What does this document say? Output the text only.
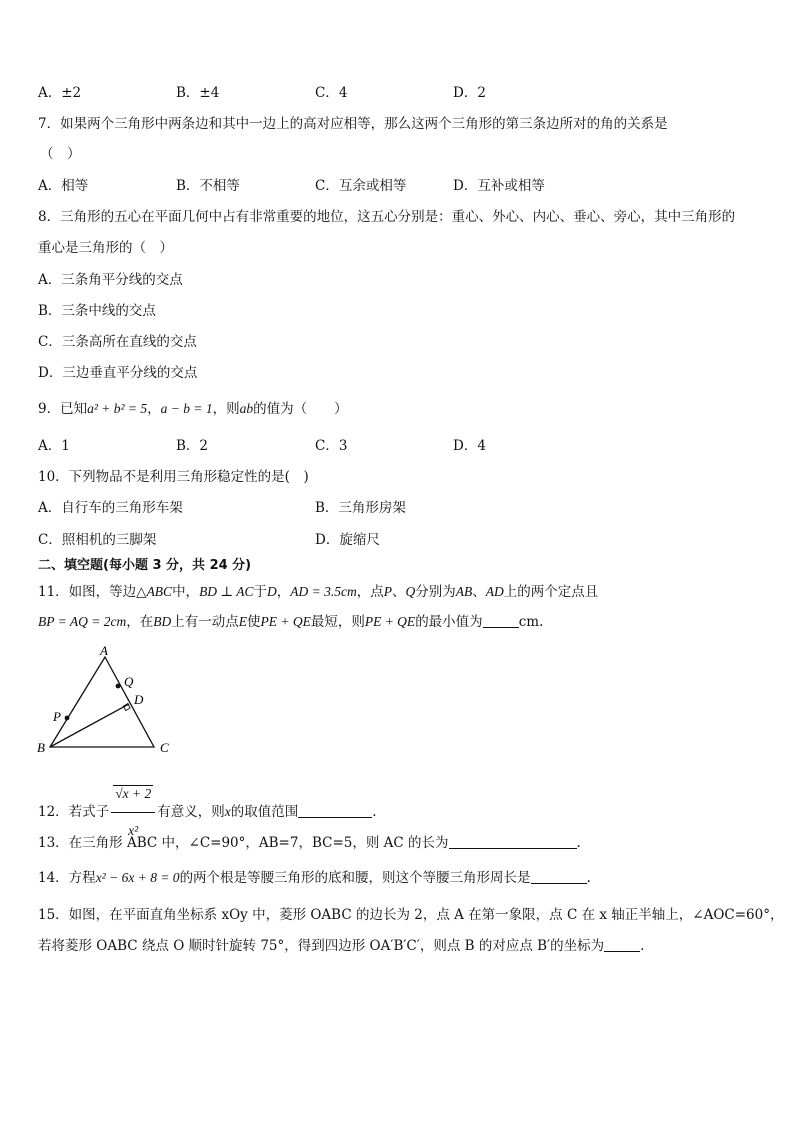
A．±2	B．±4	C．4	D．2
7．如果两个三角形中两条边和其中一边上的高对应相等，那么这两个三角形的第三条边所对的角的关系是
（　）
A．相等	B．不相等	C．互余或相等	D．互补或相等
8．三角形的五心在平面几何中占有非常重要的地位，这五心分别是：重心、外心、内心、垂心、旁心，其中三角形的
重心是三角形的（　）
A．三条角平分线的交点
B．三条中线的交点
C．三条高所在直线的交点
D．三边垂直平分线的交点
9．已知a² + b² = 5，a − b = 1，则ab的值为（　　）
A．1	B．2	C．3	D．4
10．下列物品不是利用三角形稳定性的是(　)
A．自行车的三角形车架	B．三角形房架
C．照相机的三脚架	D．旋缩尺
二、填空题(每小题 3 分，共 24 分)
11．如图，等边△ABC中，BD ⊥ AC于D，AD = 3.5cm，点P、Q分别为AB、AD上的两个定点且
BP = AQ = 2cm，在BD上有一动点E使PE + QE最短，则PE + QE的最小值为	cm.
A
B	C
D
P
Q
12．若式子 $\frac{√x + 2}{\text{x²}}$ 有意义，则x的取值范围	.
13．在三角形 ABC 中，∠C=90°，AB=7，BC=5，则 AC 的长为	.
14．方程x² − 6x + 8 = 0的两个根是等腰三角形的底和腰，则这个等腰三角形周长是	.
15．如图，在平面直角坐标系 xOy 中，菱形 OABC 的边长为 2，点 A 在第一象限，点 C 在 x 轴正半轴上，∠AOC=60°，
若将菱形 OABC 绕点 O 顺时针旋转 75°，得到四边形 OA′B′C′，则点 B 的对应点 B′的坐标为	.
